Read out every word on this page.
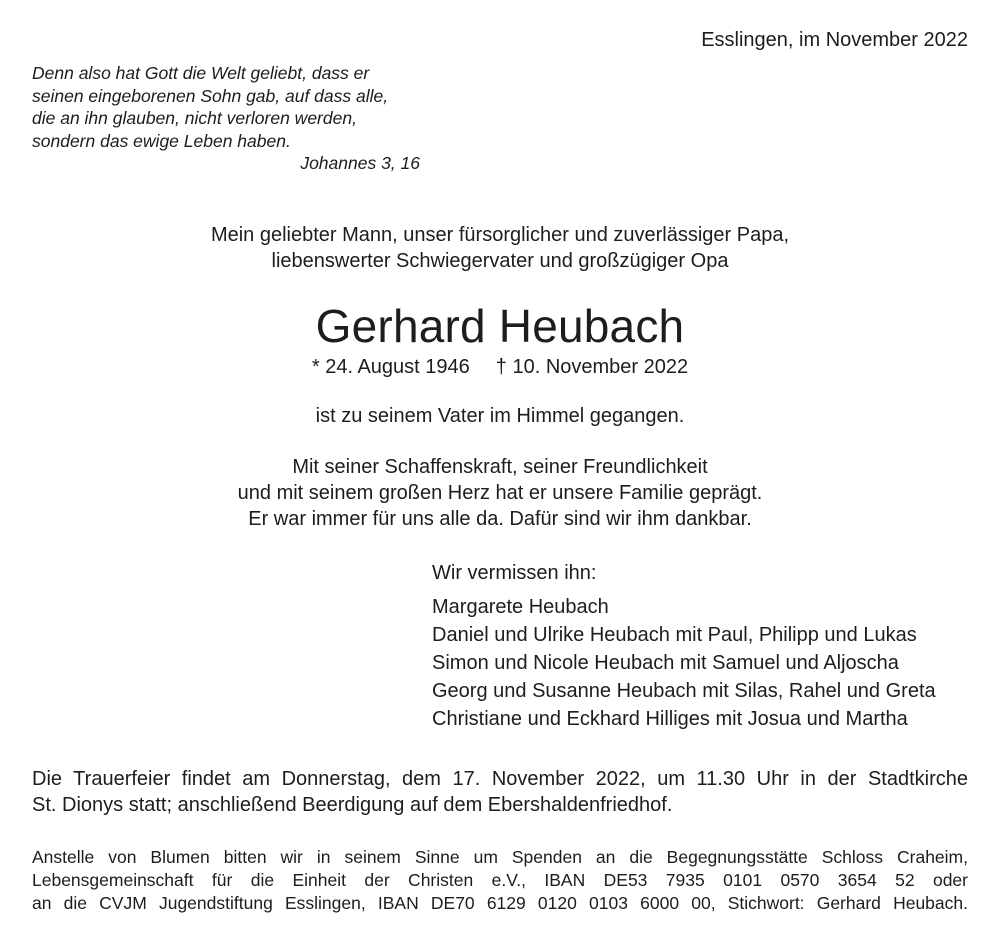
Esslingen, im November 2022
Denn also hat Gott die Welt geliebt, dass er
seinen eingeborenen Sohn gab, auf dass alle,
die an ihn glauben, nicht verloren werden,
sondern das ewige Leben haben.
Johannes 3, 16
Mein geliebter Mann, unser fürsorglicher und zuverlässiger Papa,
liebenswerter Schwiegervater und großzügiger Opa
Gerhard Heubach
* 24. August 1946 † 10. November 2022
ist zu seinem Vater im Himmel gegangen.
Mit seiner Schaffenskraft, seiner Freundlichkeit
und mit seinem großen Herz hat er unsere Familie geprägt.
Er war immer für uns alle da. Dafür sind wir ihm dankbar.
Wir vermissen ihn:
Margarete Heubach
Daniel und Ulrike Heubach mit Paul, Philipp und Lukas
Simon und Nicole Heubach mit Samuel und Aljoscha
Georg und Susanne Heubach mit Silas, Rahel und Greta
Christiane und Eckhard Hilliges mit Josua und Martha
Die Trauerfeier findet am Donnerstag, dem 17. November 2022, um 11.30 Uhr in der Stadtkirche
St. Dionys statt; anschließend Beerdigung auf dem Ebershaldenfriedhof.
Anstelle von Blumen bitten wir in seinem Sinne um Spenden an die Begegnungsstätte Schloss Craheim,
Lebensgemeinschaft für die Einheit der Christen e.V., IBAN DE53 7935 0101 0570 3654 52 oder
an die CVJM Jugendstiftung Esslingen, IBAN DE70 6129 0120 0103 6000 00, Stichwort: Gerhard Heubach.
